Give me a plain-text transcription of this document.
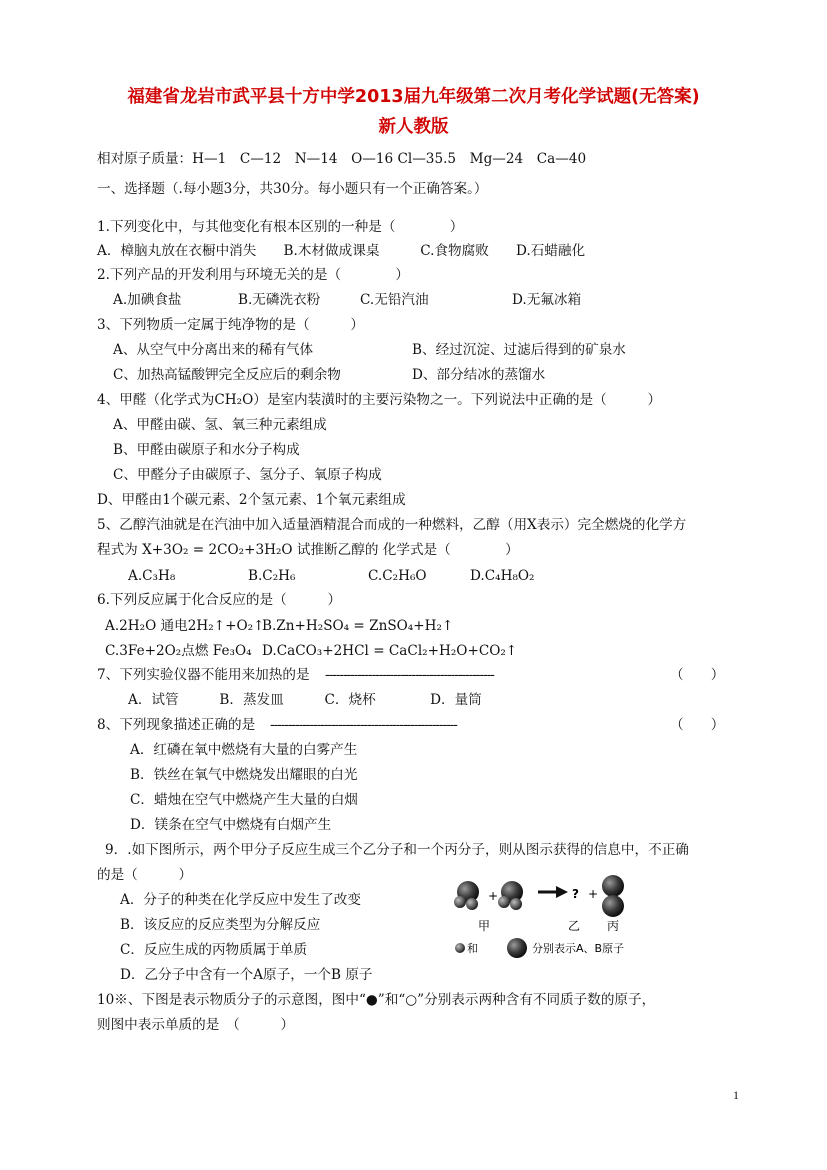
福建省龙岩市武平县十方中学2013届九年级第二次月考化学试题(无答案)
新人教版
相对原子质量：H—1　C—12　N—14　O—16 Cl—35.5　Mg—24　Ca—40
一、选择题（.每小题3分，共30分。每小题只有一个正确答案。）
1.下列变化中，与其他变化有根本区别的一种是（　　　　）
A．樟脑丸放在衣橱中消失　　B.木材做成课桌　　　C.食物腐败　　D.石蜡融化
2.下列产品的开发利用与环境无关的是（　　　　）
A.加碘食盐	B.无磷洗衣粉	C.无铅汽油	D.无氟冰箱
3、下列物质一定属于纯净物的是（　　　）
A、从空气中分离出来的稀有气体	B、经过沉淀、过滤后得到的矿泉水
C、加热高锰酸钾完全反应后的剩余物	D、部分结冰的蒸馏水
4、甲醛（化学式为CH₂O）是室内装潢时的主要污染物之一。下列说法中正确的是（　　　）
A、甲醛由碳、氢、氧三种元素组成
B、甲醛由碳原子和水分子构成
C、甲醛分子由碳原子、氢分子、氧原子构成
D、甲醛由1个碳元素、2个氢元素、1个氧元素组成
5、乙醇汽油就是在汽油中加入适量酒精混合而成的一种燃料，乙醇（用X表示）完全燃烧的化学方
程式为 X+3O₂ = 2CO₂+3H₂O 试推断乙醇的 化学式是（　　　　）
A.C₃H₈	B.C₂H₆	C.C₂H₆O	D.C₄H₈O₂
6.下列反应属于化合反应的是（　　　）
A.2H₂O 通电2H₂↑+O₂↑
B.Zn+H₂SO₄ = ZnSO₄+H₂↑
C.3Fe+2O₂点燃 Fe₃O₄ D.CaCO₃+2HCl = CaCl₂+H₂O+CO₂↑
7、下列实验仪器不能用来加热的是 -----------------------------------------------	（　　）
A．试管　　　B．蒸发皿　　　C．烧杯　　　　D．量筒
8、下列现象描述正确的是 ----------------------------------------------------	（　　）
A．红磷在氧中燃烧有大量的白雾产生
B．铁丝在氧气中燃烧发出耀眼的白光
C．蜡烛在空气中燃烧产生大量的白烟
D．镁条在空气中燃烧有白烟产生
9．.如下图所示，两个甲分子反应生成三个乙分子和一个丙分子，则从图示获得的信息中，不正确
的是（　　　）
A．分子的种类在化学反应中发生了改变
B．该反应的反应类型为分解反应
C．反应生成的丙物质属于单质
D．乙分子中含有一个A原子，一个B 原子
+	? +
甲	乙 丙
和	分别表示A、B原子
10※、下图是表示物质分子的示意图，图中“●”和“○”分别表示两种含有不同质子数的原子，
则图中表示单质的是　（　　　）
1
